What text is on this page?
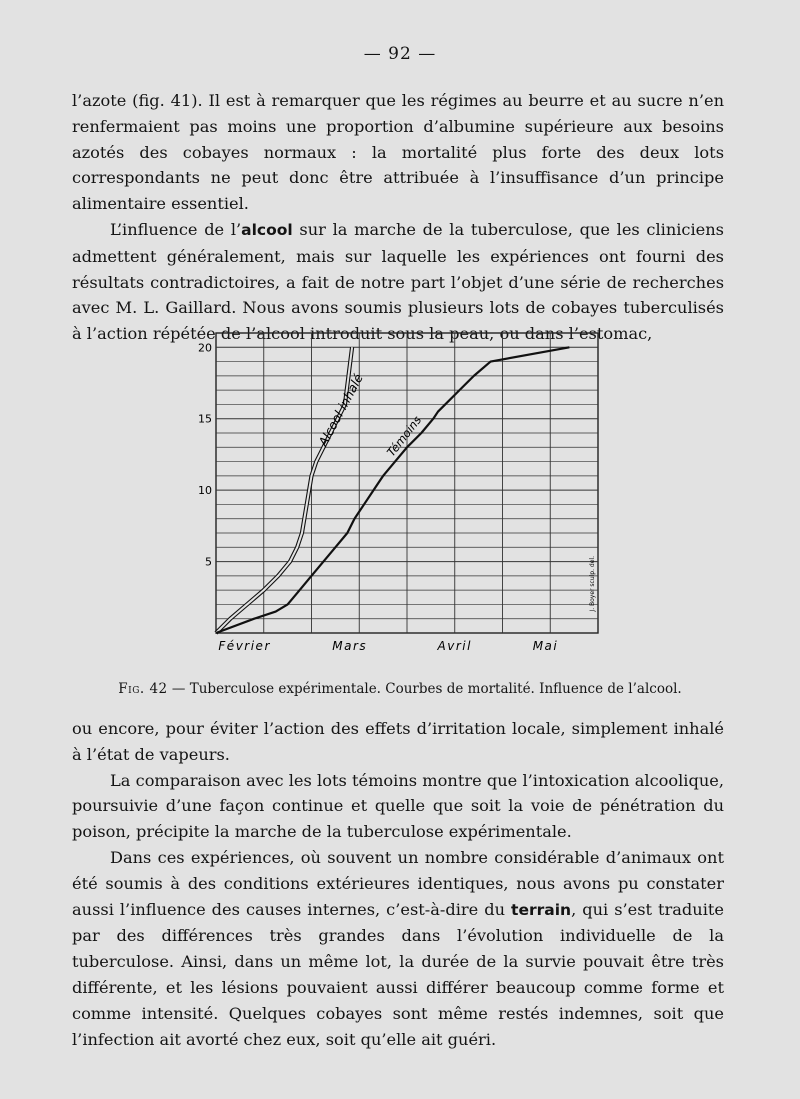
— 92 —

l’azote (fig. 41). Il est à remarquer que les régimes au beurre et au sucre n’en renfermaient pas moins une proportion d’albumine supérieure aux besoins azotés des cobayes normaux : la mortalité plus forte des deux lots correspondants ne peut donc être attribuée à l’insuffisance d’un principe alimentaire essentiel.

L’influence de l’alcool sur la marche de la tuberculose, que les cliniciens admettent généralement, mais sur laquelle les expériences ont fourni des résultats contradictoires, a fait de notre part l’objet d’une série de recherches avec M. L. Gaillard. Nous avons soumis plusieurs lots de cobayes tuberculisés à l’action répétée de l’alcool introduit sous la peau, ou dans l’estomac,

5
10
15
20
Février	Mars	Avril	Mai
Alcool inhalé Témoins
J. Boyer sculp. del.
Fig. 42 — Tuberculose expérimentale. Courbes de mortalité. Influence de l’alcool.

ou encore, pour éviter l’action des effets d’irritation locale, simplement inhalé à l’état de vapeurs.

La comparaison avec les lots témoins montre que l’intoxication alcoolique, poursuivie d’une façon continue et quelle que soit la voie de pénétration du poison, précipite la marche de la tuberculose expérimentale.

Dans ces expériences, où souvent un nombre considérable d’animaux ont été soumis à des conditions extérieures identiques, nous avons pu constater aussi l’influence des causes internes, c’est-à-dire du terrain, qui s’est traduite par des différences très grandes dans l’évolution individuelle de la tuberculose. Ainsi, dans un même lot, la durée de la survie pouvait être très différente, et les lésions pouvaient aussi différer beaucoup comme forme et comme intensité. Quelques cobayes sont même restés indemnes, soit que l’infection ait avorté chez eux, soit qu’elle ait guéri.
